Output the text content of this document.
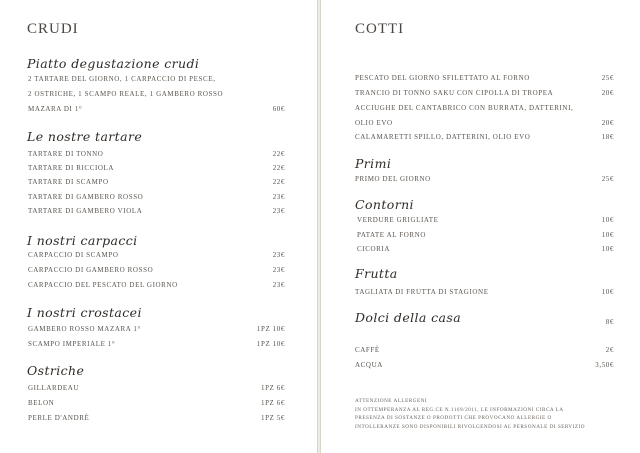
CRUDI
Piatto degustazione crudi
2 TARTARE DEL GIORNO, 1 CARPACCIO DI PESCE,
2 OSTRICHE, 1 SCAMPO REALE, 1 GAMBERO ROSSO
MAZARA DI 1°	60€
Le nostre tartare
TARTARE DI TONNO	22€
TARTARE DI RICCIOLA	22€
TARTARE DI SCAMPO	22€
TARTARE DI GAMBERO ROSSO	23€
TARTARE DI GAMBERO VIOLA	23€
I nostri carpacci
CARPACCIO DI SCAMPO	23€
CARPACCIO DI GAMBERO ROSSO	23€
CARPACCIO DEL PESCATO DEL GIORNO	23€
I nostri crostacei
GAMBERO ROSSO MAZARA 1°	1PZ 10€
SCAMPO IMPERIALE 1°	1PZ 10€
Ostriche
GILLARDEAU	1PZ 6€
BELON	1PZ 6€
PERLE D'ANDRÈ	1PZ 5€
COTTI
PESCATO DEL GIORNO SFILETTATO AL FORNO	25€
TRANCIO DI TONNO SAKU CON CIPOLLA DI TROPEA	20€
ACCIUGHE DEL CANTABRICO CON BURRATA, DATTERINI,
OLIO EVO	20€
CALAMARETTI SPILLO, DATTERINI, OLIO EVO	18€
Primi
PRIMO DEL GIORNO	25€
Contorni
VERDURE GRIGLIATE	10€
PATATE AL FORNO	10€
CICORIA	10€
Frutta
TAGLIATA DI FRUTTA DI STAGIONE	10€
Dolci della casa	8€
CAFFÈ	2€
ACQUA	3,50€
ATTENZIONE ALLERGENI
IN OTTEMPERANZA AL REG.CE N.1169/2011, LE INFORMAZIONI CIRCA LA
PRESENZA DI SOSTANZE O PRODOTTI CHE PROVOCANO ALLERGIE O
INTOLLERANZE SONO DISPONIBILI RIVOLGENDOSI AL PERSONALE DI SERVIZIO
